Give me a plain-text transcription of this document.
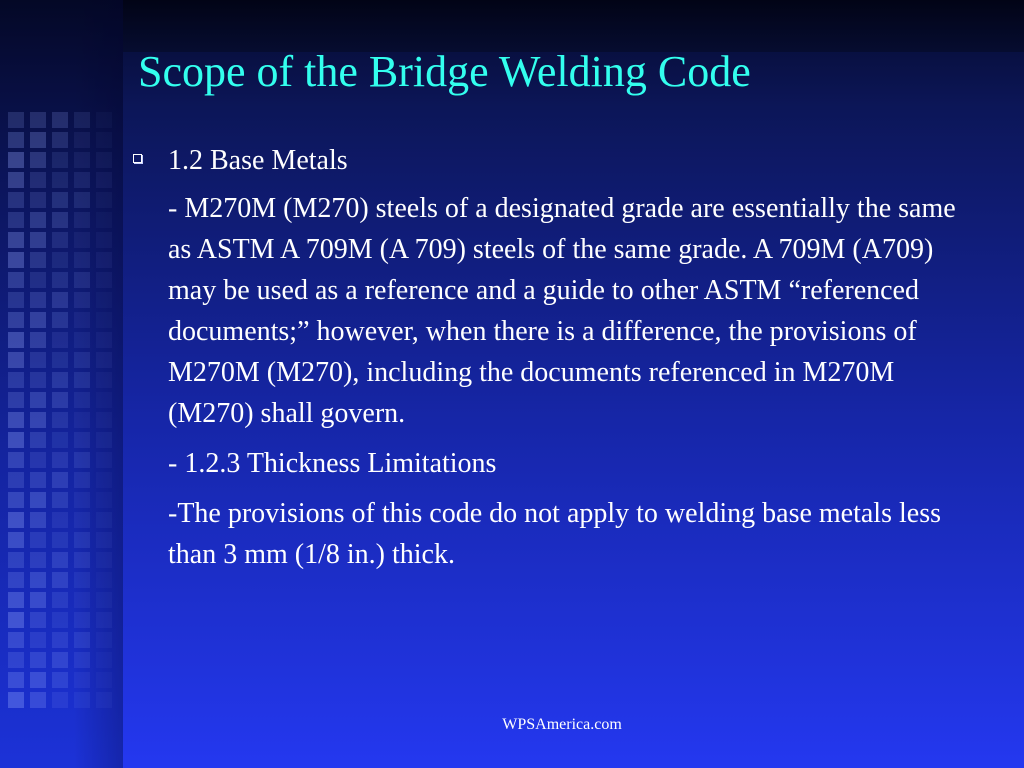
Scope of the Bridge Welding Code
1.2 Base Metals
- M270M (M270) steels of a designated grade are essentially the same as ASTM A 709M (A 709) steels of the same grade. A 709M (A709) may be used as a reference and a guide to other ASTM “referenced documents;” however, when there is a difference, the provisions of M270M (M270), including the documents referenced in M270M (M270) shall govern.
- 1.2.3 Thickness Limitations
-The provisions of this code do not apply to welding base metals less than 3 mm (1/8 in.) thick.
WPSAmerica.com
